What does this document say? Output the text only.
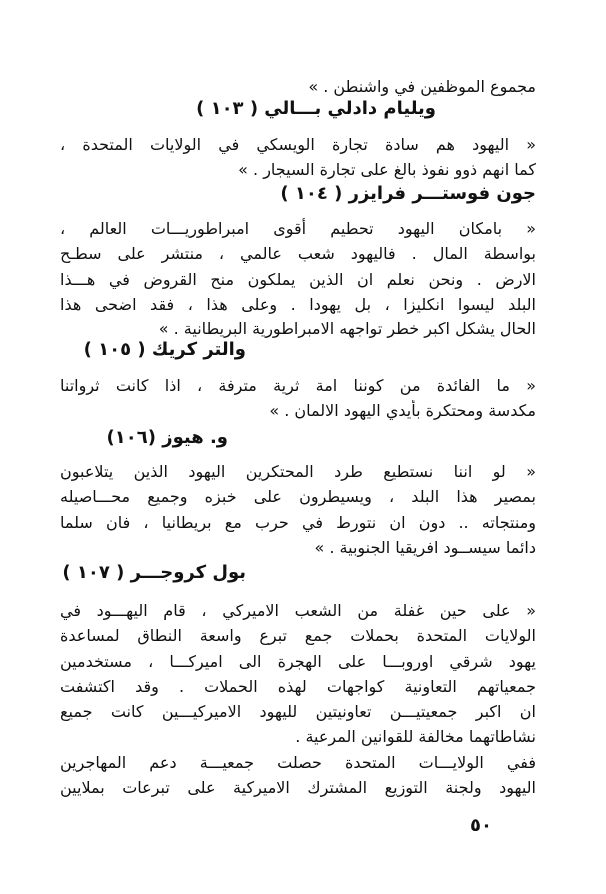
مجموع الموظفين في واشنطن . »
ويليام دادلي بـــالي ( ١٠٣ )
« اليهود هم سادة تجارة الويسكي في الولايات المتحدة ،
كما انهم ذوو نفوذ بالغ على تجارة السيجار . »
جون فوستـــر فرايزر ( ١٠٤ )
« بامكان اليهود تحطيم أقوى امبراطوريـــات العالم ،
بواسطة المال . فاليهود شعب عالمي ، منتشر على سطـح
الارض . ونحن نعلم ان الذين يملكون منح القروض في هـــذا
البلد ليسوا انكليزا ، بل يهودا . وعلى هذا ، فقد اضحى هذا
الحال يشكل اكبر خطر تواجهه الامبراطورية البريطانية . »
والتر كريك ( ١٠٥ )
« ما الفائدة من كوننا امة ثرية مترفة ، اذا كانت ثرواتنا
مكدسة ومحتكرة بأيدي اليهود الالمان . »
و. هيوز (١٠٦)
« لو اننا نستطيع طرد المحتكرين اليهود الذين يتلاعبون
بمصير هذا البلد ، ويسيطرون على خبزه وجميع محـــاصيله
ومنتجاته .. دون ان نتورط في حرب مع بريطانيا ، فان سلما
دائما سيســود افريقيا الجنوبية . »
بول كروجـــر ( ١٠٧ )
« على حين غفلة من الشعب الاميركي ، قام اليهـــود في
الولايات المتحدة بحملات جمع تبرع واسعة النطاق لمساعدة
يهود شرقي اوروبـــا على الهجرة الى اميركـــا ، مستخدمين
جمعياتهم التعاونية كواجهات لهذه الحملات . وقد اكتشفت
ان اكبر جمعيتيـــن تعاونيتين لليهود الاميركيـــين كانت جميع
نشاطاتهما مخالفة للقوانين المرعية .
ففي الولايـــات المتحدة حصلت جمعيـــة دعم المهاجرين
اليهود ولجنة التوزيع المشترك الاميركية على تبرعات بملايين
٥٠
